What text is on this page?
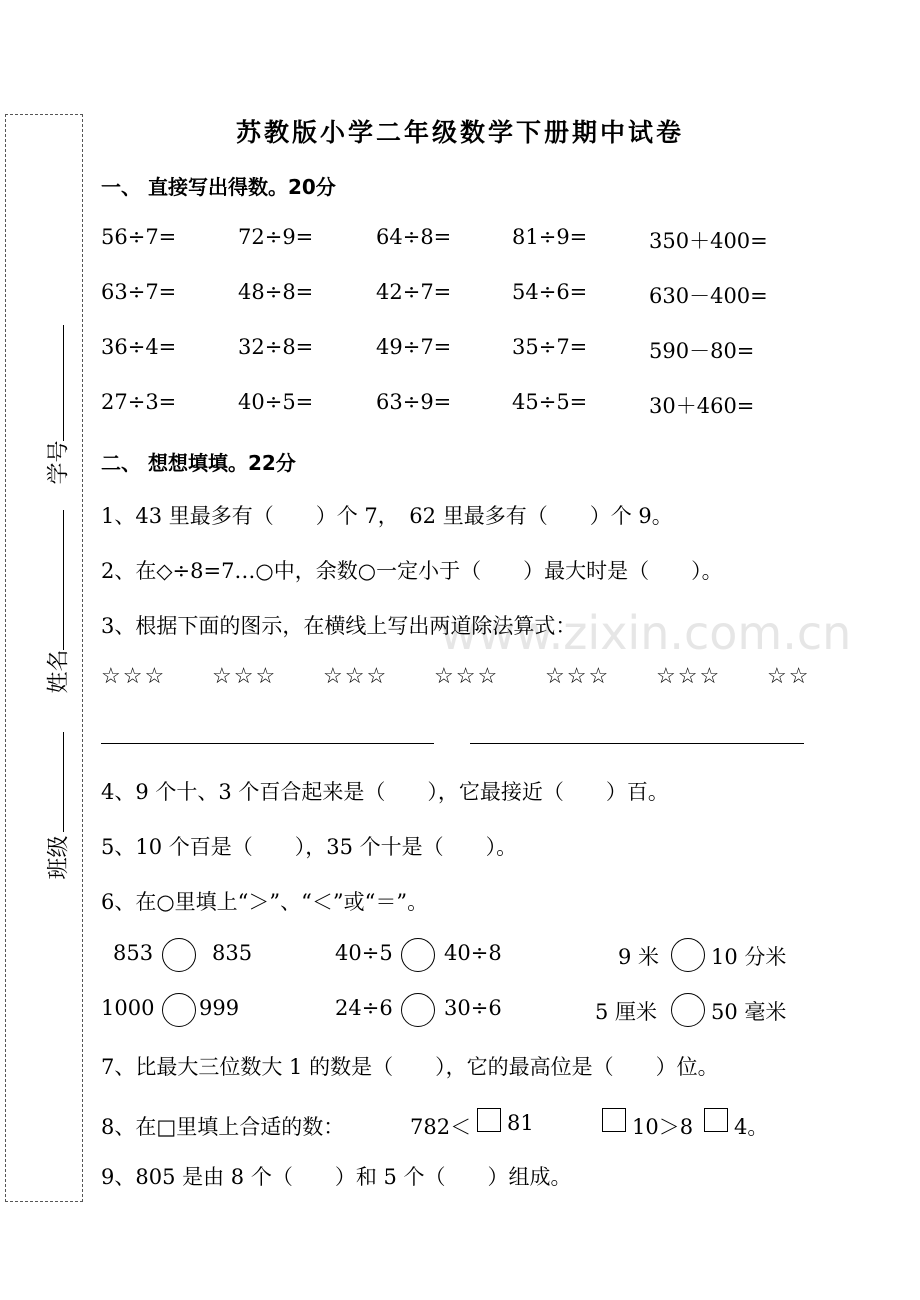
学号
姓名
班级
www.zixin.com.cn
苏教版小学二年级数学下册期中试卷
一、 直接写出得数。20分
56÷7=	72÷9=	64÷8=	81÷9=	350＋400=
63÷7=	48÷8=	42÷7=	54÷6=	630－400=
36÷4=	32÷8=	49÷7=	35÷7=	590－80=
27÷3=	40÷5=	63÷9=	45÷5=	30＋460=
二、 想想填填。22分
1、43 里最多有（　　）个 7，　62 里最多有（　　）个 9。
2、在◇÷8=7…○中，余数○一定小于（　　）最大时是（　　）。
3、根据下面的图示，在横线上写出两道除法算式：
☆☆☆ ☆☆☆ ☆☆☆ ☆☆☆ ☆☆☆ ☆☆☆ ☆☆
4、9 个十、3 个百合起来是（　　），它最接近（　　）百。
5、10 个百是（　　），35 个十是（　　）。
6、在○里填上“＞”、“＜”或“＝”。
853	835	40÷5 40÷8	9 米 10 分米
1000 999	24÷6 30÷6	5 厘米	50 毫米
7、比最大三位数大 1 的数是（　　），它的最高位是（　　）位。
8、在□里填上合适的数：	782＜ 81	10＞8 4。
9、805 是由 8 个（　　）和 5 个（　　）组成。
